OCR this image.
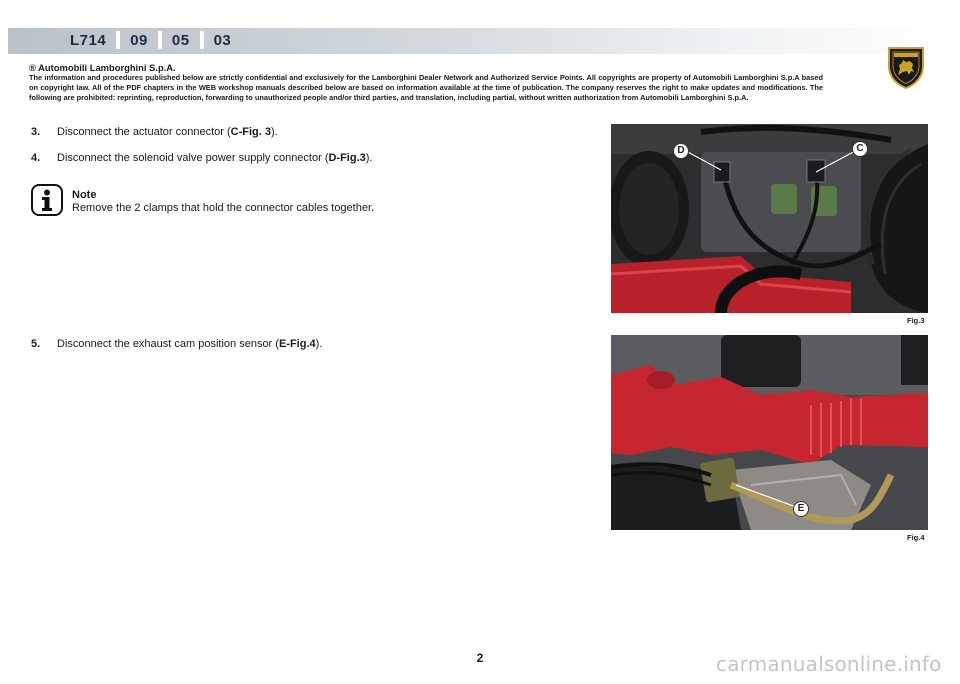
L714	09	05	03
® Automobili Lamborghini S.p.A.
The information and procedures published below are strictly confidential and exclusively for the Lamborghini Dealer Network and Authorized Service Points. All copyrights are property of Automobili Lamborghini S.p.A based on copyright law. All of the PDF chapters in the WEB workshop manuals described below are based on information available at the time of publication. The company reserves the right to make updates and modifications. The following are prohibited: reprinting, reproduction, forwarding to unauthorized people and/or third parties, and translation, including partial, without written authorization from Automobili Lamborghini S.p.A.
3. Disconnect the actuator connector (C-Fig. 3).
4. Disconnect the solenoid valve power supply connector (D-Fig.3).
Note
Remove the 2 clamps that hold the connector cables together.
5. Disconnect the exhaust cam position sensor (E-Fig.4).
D	C
Fig.3
E
Fig.4
2	carmanualsonline.info
